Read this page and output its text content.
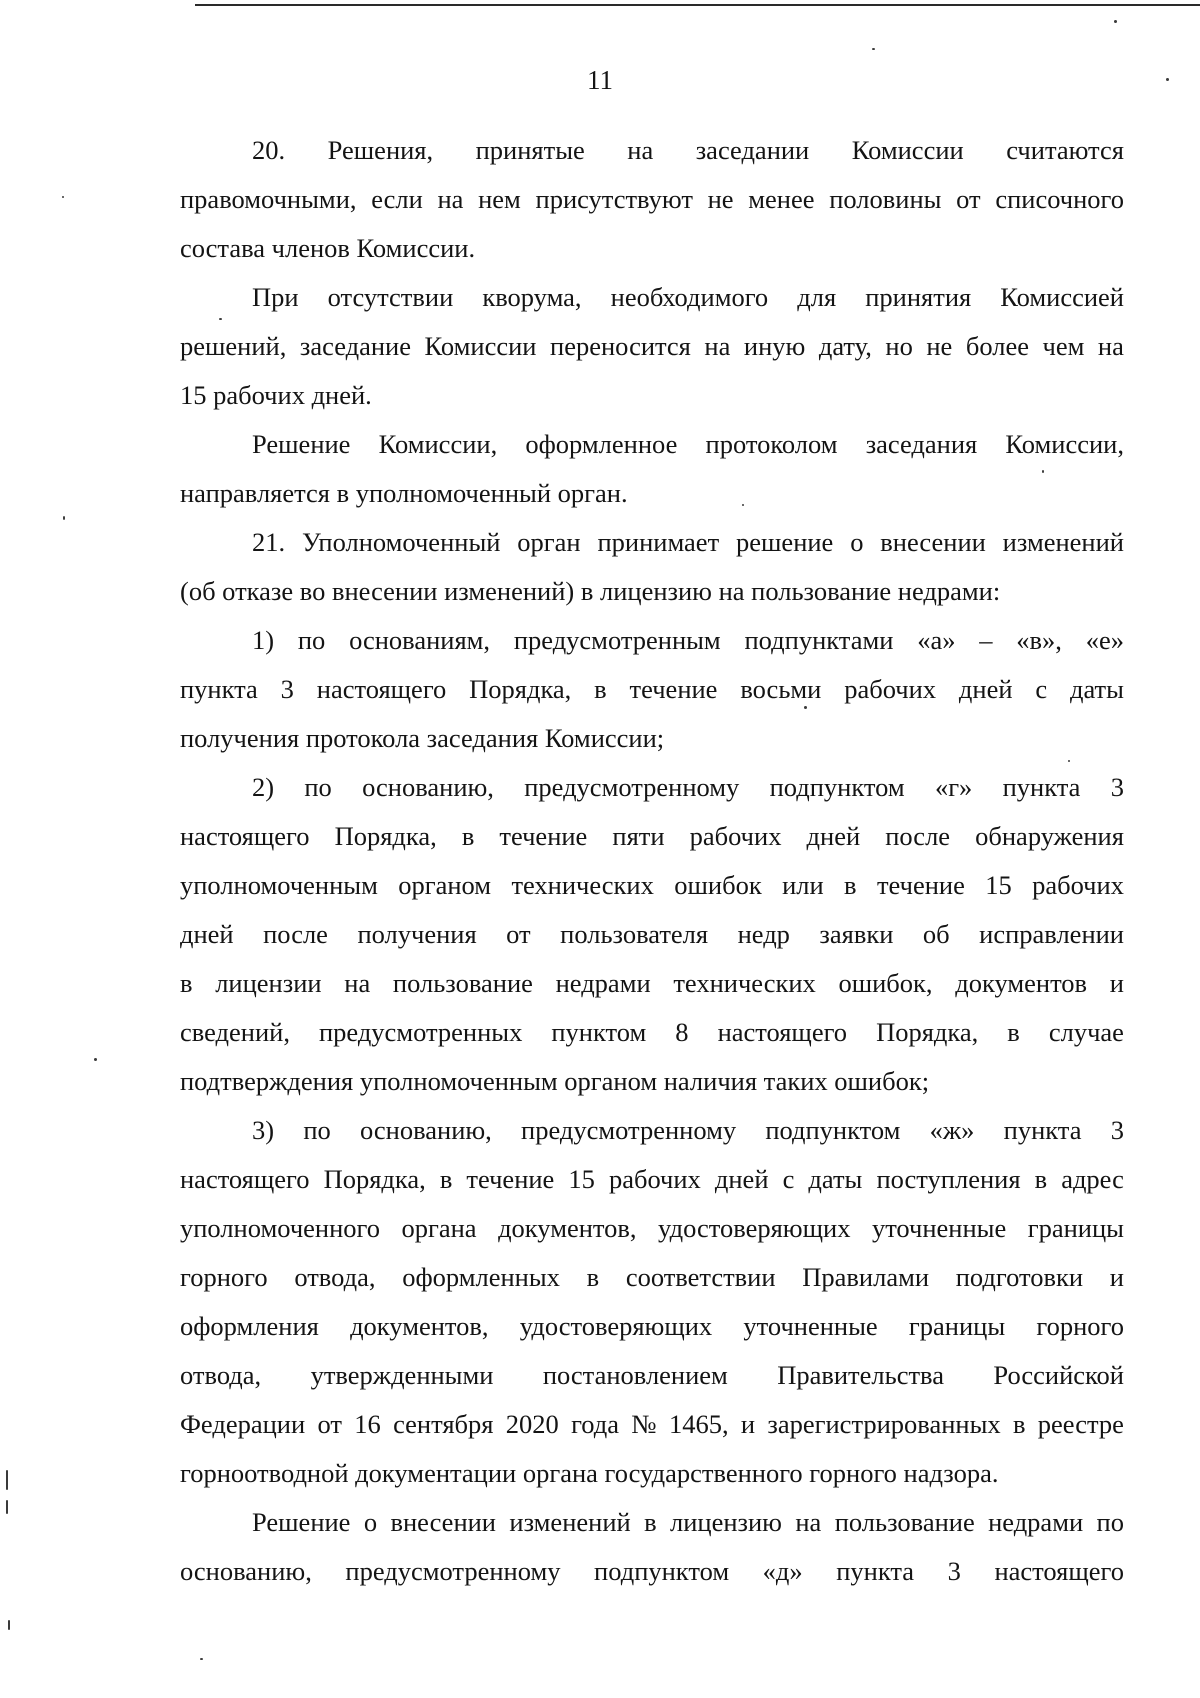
11
20. Решения, принятые на заседании Комиссии считаются
правомочными, если на нем присутствуют не менее половины от списочного
состава членов Комиссии.
При отсутствии кворума, необходимого для принятия Комиссией
решений, заседание Комиссии переносится на иную дату, но не более чем на
15 рабочих дней.
Решение Комиссии, оформленное протоколом заседания Комиссии,
направляется в уполномоченный орган.
21. Уполномоченный орган принимает решение о внесении изменений
(об отказе во внесении изменений) в лицензию на пользование недрами:
1) по основаниям, предусмотренным подпунктами «а» – «в», «е»
пункта 3 настоящего Порядка, в течение восьми рабочих дней с даты
получения протокола заседания Комиссии;
2) по основанию, предусмотренному подпунктом «г» пункта 3
настоящего Порядка, в течение пяти рабочих дней после обнаружения
уполномоченным органом технических ошибок или в течение 15 рабочих
дней после получения от пользователя недр заявки об исправлении
в лицензии на пользование недрами технических ошибок, документов и
сведений, предусмотренных пунктом 8 настоящего Порядка, в случае
подтверждения уполномоченным органом наличия таких ошибок;
3) по основанию, предусмотренному подпунктом «ж» пункта 3
настоящего Порядка, в течение 15 рабочих дней с даты поступления в адрес
уполномоченного органа документов, удостоверяющих уточненные границы
горного отвода, оформленных в соответствии Правилами подготовки и
оформления документов, удостоверяющих уточненные границы горного
отвода, утвержденными постановлением Правительства Российской
Федерации от 16 сентября 2020 года № 1465, и зарегистрированных в реестре
горноотводной документации органа государственного горного надзора.
Решение о внесении изменений в лицензию на пользование недрами по
основанию, предусмотренному подпунктом «д» пункта 3 настоящего
